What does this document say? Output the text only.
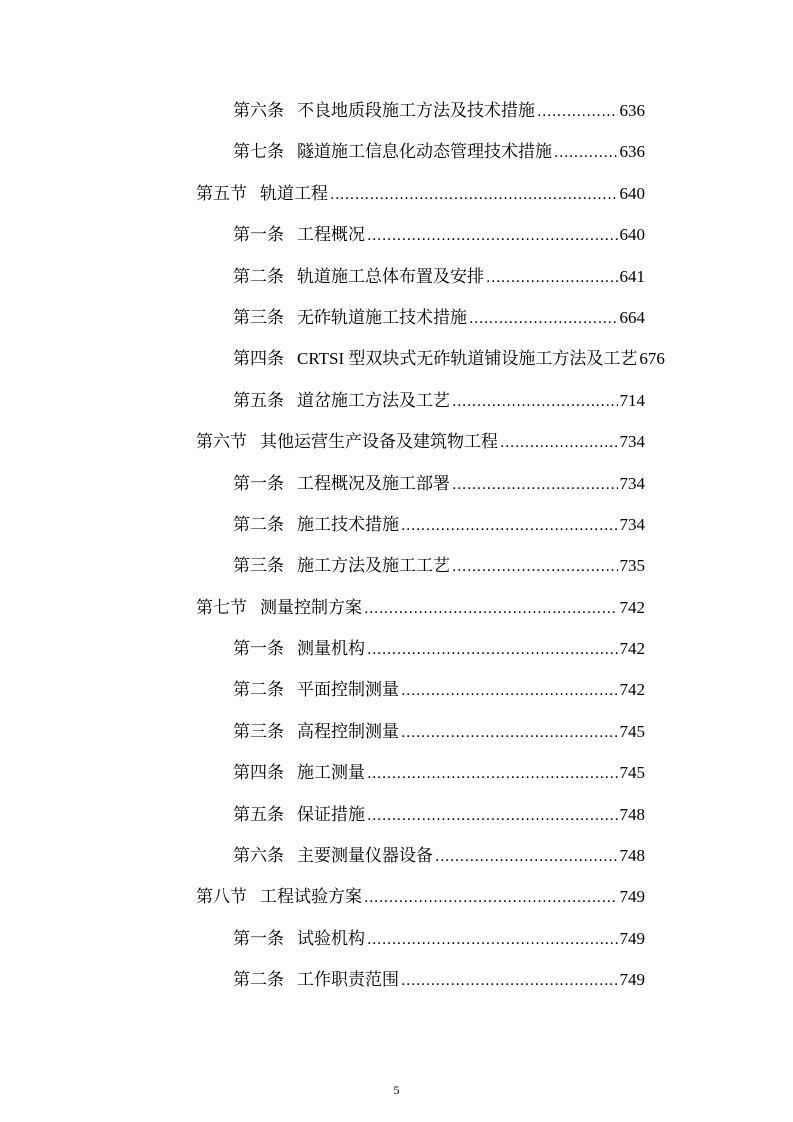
第六条 不良地质段施工方法及技术措施 .....	636
第七条 隧道施工信息化动态管理技术措施 .....	636
第五节 轨道工程 .....	640
第一条 工程概况 .....	640
第二条 轨道施工总体布置及安排 .....	641
第三条 无砟轨道施工技术措施 .....	664
第四条 CRTSI 型双块式无砟轨道铺设施工方法及工艺 676
第五条 道岔施工方法及工艺 .....	714
第六节 其他运营生产设备及建筑物工程 .....	734
第一条 工程概况及施工部署 .....	734
第二条 施工技术措施 .....	734
第三条 施工方法及施工工艺 .....	735
第七节 测量控制方案 .....	742
第一条 测量机构 .....	742
第二条 平面控制测量 .....	742
第三条 高程控制测量 .....	745
第四条 施工测量 .....	745
第五条 保证措施 .....	748
第六条 主要测量仪器设备 .....	748
第八节 工程试验方案 .....	749
第一条 试验机构 .....	749
第二条 工作职责范围 .....	749
5
